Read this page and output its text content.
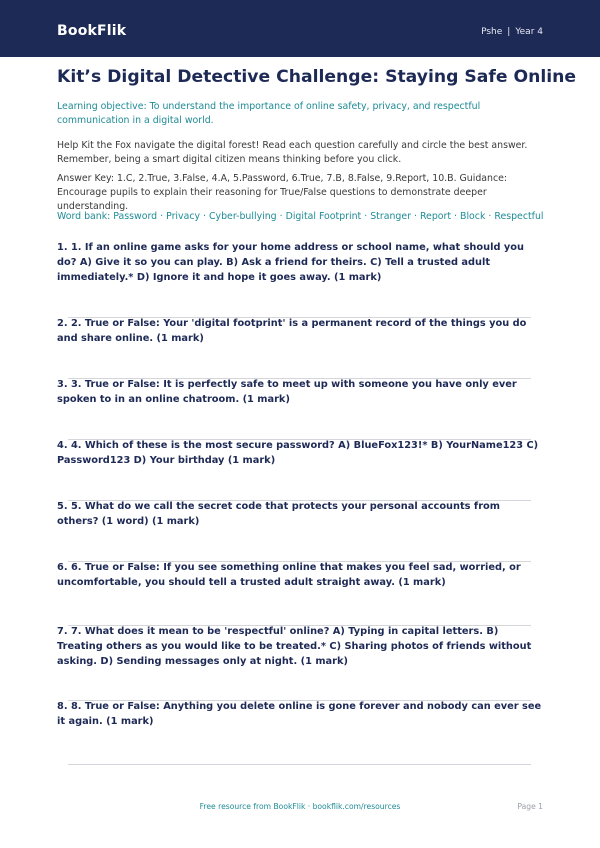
BookFlik	Pshe | Year 4
Kit’s Digital Detective Challenge: Staying Safe Online

Learning objective: To understand the importance of online safety, privacy, and respectful communication in a digital world.

Help Kit the Fox navigate the digital forest! Read each question carefully and circle the best answer. Remember, being a smart digital citizen means thinking before you click.

Answer Key: 1.C, 2.True, 3.False, 4.A, 5.Password, 6.True, 7.B, 8.False, 9.Report, 10.B. Guidance: Encourage pupils to explain their reasoning for True/False questions to demonstrate deeper understanding.

Word bank: Password · Privacy · Cyber-bullying · Digital Footprint · Stranger · Report · Block · Respectful

1. 1. If an online game asks for your home address or school name, what should you do? A) Give it so you can play. B) Ask a friend for theirs. C) Tell a trusted adult immediately.* D) Ignore it and hope it goes away. (1 mark)

2. 2. True or False: Your 'digital footprint' is a permanent record of the things you do and share online. (1 mark)

3. 3. True or False: It is perfectly safe to meet up with someone you have only ever spoken to in an online chatroom. (1 mark)

4. 4. Which of these is the most secure password? A) BlueFox123!* B) YourName123 C) Password123 D) Your birthday (1 mark)

5. 5. What do we call the secret code that protects your personal accounts from others? (1 word) (1 mark)

6. 6. True or False: If you see something online that makes you feel sad, worried, or uncomfortable, you should tell a trusted adult straight away. (1 mark)

7. 7. What does it mean to be 'respectful' online? A) Typing in capital letters. B) Treating others as you would like to be treated.* C) Sharing photos of friends without asking. D) Sending messages only at night. (1 mark)

8. 8. True or False: Anything you delete online is gone forever and nobody can ever see it again. (1 mark)

Free resource from BookFlik · bookflik.com/resources	Page 1
